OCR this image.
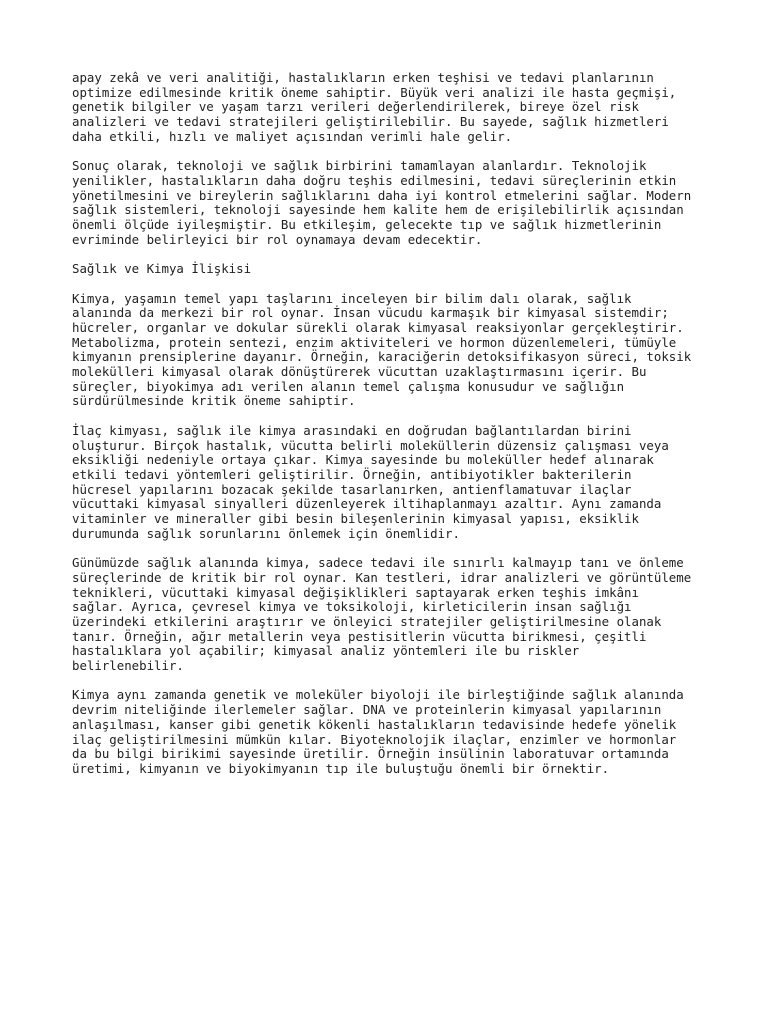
apay zekâ ve veri analitiği, hastalıkların erken teşhisi ve tedavi planlarının
optimize edilmesinde kritik öneme sahiptir. Büyük veri analizi ile hasta geçmişi,
genetik bilgiler ve yaşam tarzı verileri değerlendirilerek, bireye özel risk
analizleri ve tedavi stratejileri geliştirilebilir. Bu sayede, sağlık hizmetleri
daha etkili, hızlı ve maliyet açısından verimli hale gelir.
Sonuç olarak, teknoloji ve sağlık birbirini tamamlayan alanlardır. Teknolojik
yenilikler, hastalıkların daha doğru teşhis edilmesini, tedavi süreçlerinin etkin
yönetilmesini ve bireylerin sağlıklarını daha iyi kontrol etmelerini sağlar. Modern
sağlık sistemleri, teknoloji sayesinde hem kalite hem de erişilebilirlik açısından
önemli ölçüde iyileşmiştir. Bu etkileşim, gelecekte tıp ve sağlık hizmetlerinin
evriminde belirleyici bir rol oynamaya devam edecektir.
Sağlık ve Kimya İlişkisi
Kimya, yaşamın temel yapı taşlarını inceleyen bir bilim dalı olarak, sağlık
alanında da merkezi bir rol oynar. İnsan vücudu karmaşık bir kimyasal sistemdir;
hücreler, organlar ve dokular sürekli olarak kimyasal reaksiyonlar gerçekleştirir.
Metabolizma, protein sentezi, enzim aktiviteleri ve hormon düzenlemeleri, tümüyle
kimyanın prensiplerine dayanır. Örneğin, karaciğerin detoksifikasyon süreci, toksik
molekülleri kimyasal olarak dönüştürerek vücuttan uzaklaştırmasını içerir. Bu
süreçler, biyokimya adı verilen alanın temel çalışma konusudur ve sağlığın
sürdürülmesinde kritik öneme sahiptir.
İlaç kimyası, sağlık ile kimya arasındaki en doğrudan bağlantılardan birini
oluşturur. Birçok hastalık, vücutta belirli moleküllerin düzensiz çalışması veya
eksikliği nedeniyle ortaya çıkar. Kimya sayesinde bu moleküller hedef alınarak
etkili tedavi yöntemleri geliştirilir. Örneğin, antibiyotikler bakterilerin
hücresel yapılarını bozacak şekilde tasarlanırken, antienflamatuvar ilaçlar
vücuttaki kimyasal sinyalleri düzenleyerek iltihaplanmayı azaltır. Aynı zamanda
vitaminler ve mineraller gibi besin bileşenlerinin kimyasal yapısı, eksiklik
durumunda sağlık sorunlarını önlemek için önemlidir.
Günümüzde sağlık alanında kimya, sadece tedavi ile sınırlı kalmayıp tanı ve önleme
süreçlerinde de kritik bir rol oynar. Kan testleri, idrar analizleri ve görüntüleme
teknikleri, vücuttaki kimyasal değişiklikleri saptayarak erken teşhis imkânı
sağlar. Ayrıca, çevresel kimya ve toksikoloji, kirleticilerin insan sağlığı
üzerindeki etkilerini araştırır ve önleyici stratejiler geliştirilmesine olanak
tanır. Örneğin, ağır metallerin veya pestisitlerin vücutta birikmesi, çeşitli
hastalıklara yol açabilir; kimyasal analiz yöntemleri ile bu riskler
belirlenebilir.
Kimya aynı zamanda genetik ve moleküler biyoloji ile birleştiğinde sağlık alanında
devrim niteliğinde ilerlemeler sağlar. DNA ve proteinlerin kimyasal yapılarının
anlaşılması, kanser gibi genetik kökenli hastalıkların tedavisinde hedefe yönelik
ilaç geliştirilmesini mümkün kılar. Biyoteknolojik ilaçlar, enzimler ve hormonlar
da bu bilgi birikimi sayesinde üretilir. Örneğin insülinin laboratuvar ortamında
üretimi, kimyanın ve biyokimyanın tıp ile buluştuğu önemli bir örnektir.
